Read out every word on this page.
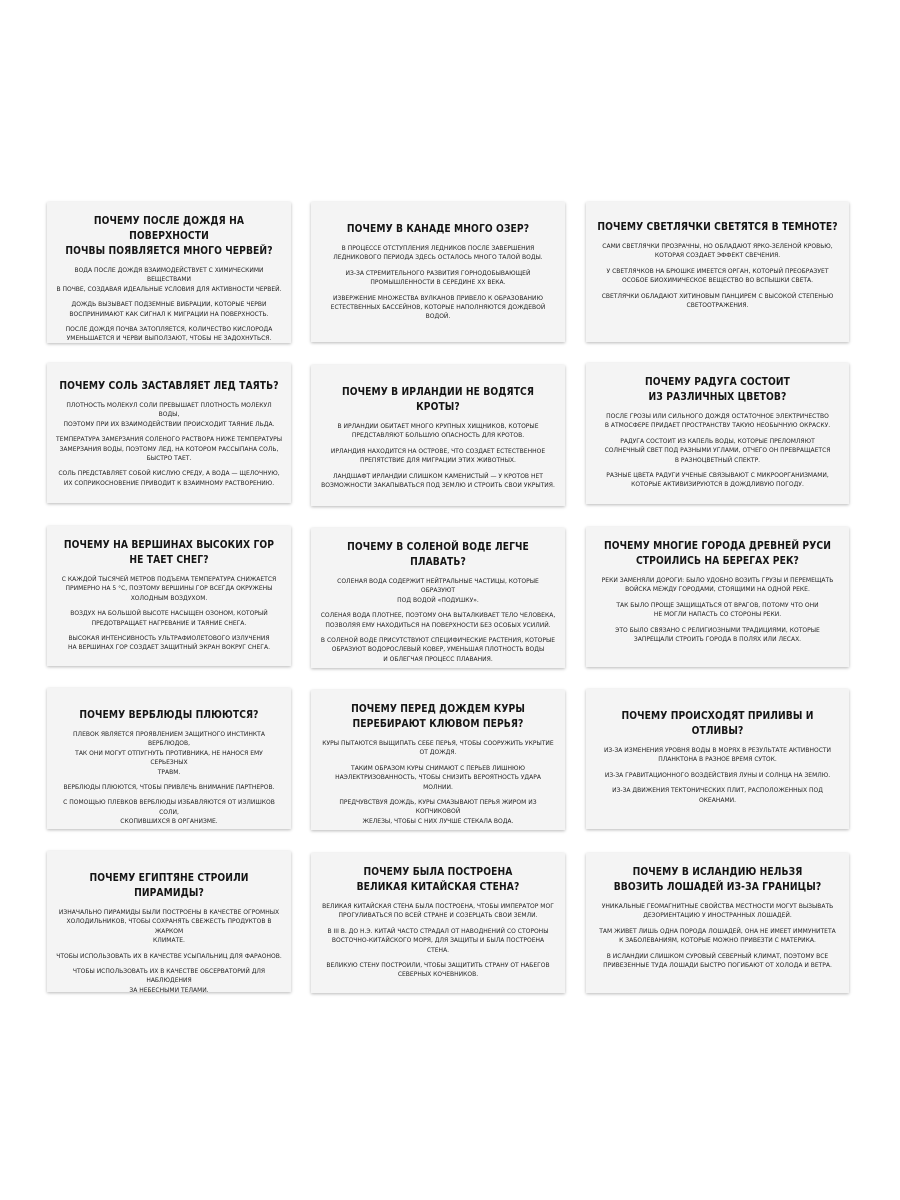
ПОЧЕМУ ПОСЛЕ ДОЖДЯ НА ПОВЕРХНОСТИ
ПОЧВЫ ПОЯВЛЯЕТСЯ МНОГО ЧЕРВЕЙ?
ВОДА ПОСЛЕ ДОЖДЯ ВЗАИМОДЕЙСТВУЕТ С ХИМИЧЕСКИМИ ВЕЩЕСТВАМИ
В ПОЧВЕ, СОЗДАВАЯ ИДЕАЛЬНЫЕ УСЛОВИЯ ДЛЯ АКТИВНОСТИ ЧЕРВЕЙ.
ДОЖДЬ ВЫЗЫВАЕТ ПОДЗЕМНЫЕ ВИБРАЦИИ, КОТОРЫЕ ЧЕРВИ
ВОСПРИНИМАЮТ КАК СИГНАЛ К МИГРАЦИИ НА ПОВЕРХНОСТЬ.
ПОСЛЕ ДОЖДЯ ПОЧВА ЗАТОПЛЯЕТСЯ, КОЛИЧЕСТВО КИСЛОРОДА
УМЕНЬШАЕТСЯ И ЧЕРВИ ВЫПОЛЗАЮТ, ЧТОБЫ НЕ ЗАДОХНУТЬСЯ.
ПОЧЕМУ В КАНАДЕ МНОГО ОЗЕР?
В ПРОЦЕССЕ ОТСТУПЛЕНИЯ ЛЕДНИКОВ ПОСЛЕ ЗАВЕРШЕНИЯ
ЛЕДНИКОВОГО ПЕРИОДА ЗДЕСЬ ОСТАЛОСЬ МНОГО ТАЛОЙ ВОДЫ.
ИЗ-ЗА СТРЕМИТЕЛЬНОГО РАЗВИТИЯ ГОРНОДОБЫВАЮЩЕЙ
ПРОМЫШЛЕННОСТИ В СЕРЕДИНЕ XX ВЕКА.
ИЗВЕРЖЕНИЕ МНОЖЕСТВА ВУЛКАНОВ ПРИВЕЛО К ОБРАЗОВАНИЮ
ЕСТЕСТВЕННЫХ БАССЕЙНОВ, КОТОРЫЕ НАПОЛНЯЮТСЯ ДОЖДЕВОЙ ВОДОЙ.
ПОЧЕМУ СВЕТЛЯЧКИ СВЕТЯТСЯ В ТЕМНОТЕ?
САМИ СВЕТЛЯЧКИ ПРОЗРАЧНЫ, НО ОБЛАДАЮТ ЯРКО-ЗЕЛЕНОЙ КРОВЬЮ,
КОТОРАЯ СОЗДАЕТ ЭФФЕКТ СВЕЧЕНИЯ.
У СВЕТЛЯЧКОВ НА БРЮШКЕ ИМЕЕТСЯ ОРГАН, КОТОРЫЙ ПРЕОБРАЗУЕТ
ОСОБОЕ БИОХИМИЧЕСКОЕ ВЕЩЕСТВО ВО ВСПЫШКИ СВЕТА.
СВЕТЛЯЧКИ ОБЛАДАЮТ ХИТИНОВЫМ ПАНЦИРЕМ С ВЫСОКОЙ СТЕПЕНЬЮ
СВЕТООТРАЖЕНИЯ.
ПОЧЕМУ СОЛЬ ЗАСТАВЛЯЕТ ЛЕД ТАЯТЬ?
ПЛОТНОСТЬ МОЛЕКУЛ СОЛИ ПРЕВЫШАЕТ ПЛОТНОСТЬ МОЛЕКУЛ ВОДЫ,
ПОЭТОМУ ПРИ ИХ ВЗАИМОДЕЙСТВИИ ПРОИСХОДИТ ТАЯНИЕ ЛЬДА.
ТЕМПЕРАТУРА ЗАМЕРЗАНИЯ СОЛЕНОГО РАСТВОРА НИЖЕ ТЕМПЕРАТУРЫ
ЗАМЕРЗАНИЯ ВОДЫ, ПОЭТОМУ ЛЕД, НА КОТОРОМ РАССЫПАНА СОЛЬ,
БЫСТРО ТАЕТ.
СОЛЬ ПРЕДСТАВЛЯЕТ СОБОЙ КИСЛУЮ СРЕДУ, А ВОДА — ЩЕЛОЧНУЮ,
ИХ СОПРИКОСНОВЕНИЕ ПРИВОДИТ К ВЗАИМНОМУ РАСТВОРЕНИЮ.
ПОЧЕМУ В ИРЛАНДИИ НЕ ВОДЯТСЯ КРОТЫ?
В ИРЛАНДИИ ОБИТАЕТ МНОГО КРУПНЫХ ХИЩНИКОВ, КОТОРЫЕ
ПРЕДСТАВЛЯЮТ БОЛЬШУЮ ОПАСНОСТЬ ДЛЯ КРОТОВ.
ИРЛАНДИЯ НАХОДИТСЯ НА ОСТРОВЕ, ЧТО СОЗДАЕТ ЕСТЕСТВЕННОЕ
ПРЕПЯТСТВИЕ ДЛЯ МИГРАЦИИ ЭТИХ ЖИВОТНЫХ.
ЛАНДШАФТ ИРЛАНДИИ СЛИШКОМ КАМЕНИСТЫЙ — У КРОТОВ НЕТ
ВОЗМОЖНОСТИ ЗАКАПЫВАТЬСЯ ПОД ЗЕМЛЮ И СТРОИТЬ СВОИ УКРЫТИЯ.
ПОЧЕМУ РАДУГА СОСТОИТ
ИЗ РАЗЛИЧНЫХ ЦВЕТОВ?
ПОСЛЕ ГРОЗЫ ИЛИ СИЛЬНОГО ДОЖДЯ ОСТАТОЧНОЕ ЭЛЕКТРИЧЕСТВО
В АТМОСФЕРЕ ПРИДАЕТ ПРОСТРАНСТВУ ТАКУЮ НЕОБЫЧНУЮ ОКРАСКУ.
РАДУГА СОСТОИТ ИЗ КАПЕЛЬ ВОДЫ, КОТОРЫЕ ПРЕЛОМЛЯЮТ
СОЛНЕЧНЫЙ СВЕТ ПОД РАЗНЫМИ УГЛАМИ, ОТЧЕГО ОН ПРЕВРАЩАЕТСЯ
В РАЗНОЦВЕТНЫЙ СПЕКТР.
РАЗНЫЕ ЦВЕТА РАДУГИ УЧЕНЫЕ СВЯЗЫВАЮТ С МИКРООРГАНИЗМАМИ,
КОТОРЫЕ АКТИВИЗИРУЮТСЯ В ДОЖДЛИВУЮ ПОГОДУ.
ПОЧЕМУ НА ВЕРШИНАХ ВЫСОКИХ ГОР
НЕ ТАЕТ СНЕГ?
С КАЖДОЙ ТЫСЯЧЕЙ МЕТРОВ ПОДЪЕМА ТЕМПЕРАТУРА СНИЖАЕТСЯ
ПРИМЕРНО НА 5 °С, ПОЭТОМУ ВЕРШИНЫ ГОР ВСЕГДА ОКРУЖЕНЫ
ХОЛОДНЫМ ВОЗДУХОМ.
ВОЗДУХ НА БОЛЬШОЙ ВЫСОТЕ НАСЫЩЕН ОЗОНОМ, КОТОРЫЙ
ПРЕДОТВРАЩАЕТ НАГРЕВАНИЕ И ТАЯНИЕ СНЕГА.
ВЫСОКАЯ ИНТЕНСИВНОСТЬ УЛЬТРАФИОЛЕТОВОГО ИЗЛУЧЕНИЯ
НА ВЕРШИНАХ ГОР СОЗДАЕТ ЗАЩИТНЫЙ ЭКРАН ВОКРУГ СНЕГА.
ПОЧЕМУ В СОЛЕНОЙ ВОДЕ ЛЕГЧЕ ПЛАВАТЬ?
СОЛЕНАЯ ВОДА СОДЕРЖИТ НЕЙТРАЛЬНЫЕ ЧАСТИЦЫ, КОТОРЫЕ ОБРАЗУЮТ
ПОД ВОДОЙ «ПОДУШКУ».
СОЛЕНАЯ ВОДА ПЛОТНЕЕ, ПОЭТОМУ ОНА ВЫТАЛКИВАЕТ ТЕЛО ЧЕЛОВЕКА,
ПОЗВОЛЯЯ ЕМУ НАХОДИТЬСЯ НА ПОВЕРХНОСТИ БЕЗ ОСОБЫХ УСИЛИЙ.
В СОЛЕНОЙ ВОДЕ ПРИСУТСТВУЮТ СПЕЦИФИЧЕСКИЕ РАСТЕНИЯ, КОТОРЫЕ
ОБРАЗУЮТ ВОДОРОСЛЕВЫЙ КОВЕР, УМЕНЬШАЯ ПЛОТНОСТЬ ВОДЫ
И ОБЛЕГЧАЯ ПРОЦЕСС ПЛАВАНИЯ.
ПОЧЕМУ МНОГИЕ ГОРОДА ДРЕВНЕЙ РУСИ
СТРОИЛИСЬ НА БЕРЕГАХ РЕК?
РЕКИ ЗАМЕНЯЛИ ДОРОГИ: БЫЛО УДОБНО ВОЗИТЬ ГРУЗЫ И ПЕРЕМЕЩАТЬ
ВОЙСКА МЕЖДУ ГОРОДАМИ, СТОЯЩИМИ НА ОДНОЙ РЕКЕ.
ТАК БЫЛО ПРОЩЕ ЗАЩИЩАТЬСЯ ОТ ВРАГОВ, ПОТОМУ ЧТО ОНИ
НЕ МОГЛИ НАПАСТЬ СО СТОРОНЫ РЕКИ.
ЭТО БЫЛО СВЯЗАНО С РЕЛИГИОЗНЫМИ ТРАДИЦИЯМИ, КОТОРЫЕ
ЗАПРЕЩАЛИ СТРОИТЬ ГОРОДА В ПОЛЯХ ИЛИ ЛЕСАХ.
ПОЧЕМУ ВЕРБЛЮДЫ ПЛЮЮТСЯ?
ПЛЕВОК ЯВЛЯЕТСЯ ПРОЯВЛЕНИЕМ ЗАЩИТНОГО ИНСТИНКТА ВЕРБЛЮДОВ,
ТАК ОНИ МОГУТ ОТПУГНУТЬ ПРОТИВНИКА, НЕ НАНОСЯ ЕМУ СЕРЬЕЗНЫХ
ТРАВМ.
ВЕРБЛЮДЫ ПЛЮЮТСЯ, ЧТОБЫ ПРИВЛЕЧЬ ВНИМАНИЕ ПАРТНЕРОВ.
С ПОМОЩЬЮ ПЛЕВКОВ ВЕРБЛЮДЫ ИЗБАВЛЯЮТСЯ ОТ ИЗЛИШКОВ СОЛИ,
СКОПИВШИХСЯ В ОРГАНИЗМЕ.
ПОЧЕМУ ПЕРЕД ДОЖДЕМ КУРЫ
ПЕРЕБИРАЮТ КЛЮВОМ ПЕРЬЯ?
КУРЫ ПЫТАЮТСЯ ВЫЩИПАТЬ СЕБЕ ПЕРЬЯ, ЧТОБЫ СООРУЖИТЬ УКРЫТИЕ
ОТ ДОЖДЯ.
ТАКИМ ОБРАЗОМ КУРЫ СНИМАЮТ С ПЕРЬЕВ ЛИШНЮЮ
НАЭЛЕКТРИЗОВАННОСТЬ, ЧТОБЫ СНИЗИТЬ ВЕРОЯТНОСТЬ УДАРА МОЛНИИ.
ПРЕДЧУВСТВУЯ ДОЖДЬ, КУРЫ СМАЗЫВАЮТ ПЕРЬЯ ЖИРОМ ИЗ КОПЧИКОВОЙ
ЖЕЛЕЗЫ, ЧТОБЫ С НИХ ЛУЧШЕ СТЕКАЛА ВОДА.
ПОЧЕМУ ПРОИСХОДЯТ ПРИЛИВЫ И ОТЛИВЫ?
ИЗ-ЗА ИЗМЕНЕНИЯ УРОВНЯ ВОДЫ В МОРЯХ В РЕЗУЛЬТАТЕ АКТИВНОСТИ
ПЛАНКТОНА В РАЗНОЕ ВРЕМЯ СУТОК.
ИЗ-ЗА ГРАВИТАЦИОННОГО ВОЗДЕЙСТВИЯ ЛУНЫ И СОЛНЦА НА ЗЕМЛЮ.
ИЗ-ЗА ДВИЖЕНИЯ ТЕКТОНИЧЕСКИХ ПЛИТ, РАСПОЛОЖЕННЫХ ПОД
ОКЕАНАМИ.
ПОЧЕМУ ЕГИПТЯНЕ СТРОИЛИ ПИРАМИДЫ?
ИЗНАЧАЛЬНО ПИРАМИДЫ БЫЛИ ПОСТРОЕНЫ В КАЧЕСТВЕ ОГРОМНЫХ
ХОЛОДИЛЬНИКОВ, ЧТОБЫ СОХРАНЯТЬ СВЕЖЕСТЬ ПРОДУКТОВ В ЖАРКОМ
КЛИМАТЕ.
ЧТОБЫ ИСПОЛЬЗОВАТЬ ИХ В КАЧЕСТВЕ УСЫПАЛЬНИЦ ДЛЯ ФАРАОНОВ.
ЧТОБЫ ИСПОЛЬЗОВАТЬ ИХ В КАЧЕСТВЕ ОБСЕРВАТОРИЙ ДЛЯ НАБЛЮДЕНИЯ
ЗА НЕБЕСНЫМИ ТЕЛАМИ.
ПОЧЕМУ БЫЛА ПОСТРОЕНА
ВЕЛИКАЯ КИТАЙСКАЯ СТЕНА?
ВЕЛИКАЯ КИТАЙСКАЯ СТЕНА БЫЛА ПОСТРОЕНА, ЧТОБЫ ИМПЕРАТОР МОГ
ПРОГУЛИВАТЬСЯ ПО ВСЕЙ СТРАНЕ И СОЗЕРЦАТЬ СВОИ ЗЕМЛИ.
В III В. ДО Н.Э. КИТАЙ ЧАСТО СТРАДАЛ ОТ НАВОДНЕНИЙ СО СТОРОНЫ
ВОСТОЧНО-КИТАЙСКОГО МОРЯ, ДЛЯ ЗАЩИТЫ И БЫЛА ПОСТРОЕНА СТЕНА.
ВЕЛИКУЮ СТЕНУ ПОСТРОИЛИ, ЧТОБЫ ЗАЩИТИТЬ СТРАНУ ОТ НАБЕГОВ
СЕВЕРНЫХ КОЧЕВНИКОВ.
ПОЧЕМУ В ИСЛАНДИЮ НЕЛЬЗЯ
ВВОЗИТЬ ЛОШАДЕЙ ИЗ-ЗА ГРАНИЦЫ?
УНИКАЛЬНЫЕ ГЕОМАГНИТНЫЕ СВОЙСТВА МЕСТНОСТИ МОГУТ ВЫЗЫВАТЬ
ДЕЗОРИЕНТАЦИЮ У ИНОСТРАННЫХ ЛОШАДЕЙ.
ТАМ ЖИВЕТ ЛИШЬ ОДНА ПОРОДА ЛОШАДЕЙ, ОНА НЕ ИМЕЕТ ИММУНИТЕТА
К ЗАБОЛЕВАНИЯМ, КОТОРЫЕ МОЖНО ПРИВЕЗТИ С МАТЕРИКА.
В ИСЛАНДИИ СЛИШКОМ СУРОВЫЙ СЕВЕРНЫЙ КЛИМАТ, ПОЭТОМУ ВСЕ
ПРИВЕЗЕННЫЕ ТУДА ЛОШАДИ БЫСТРО ПОГИБАЮТ ОТ ХОЛОДА И ВЕТРА.
